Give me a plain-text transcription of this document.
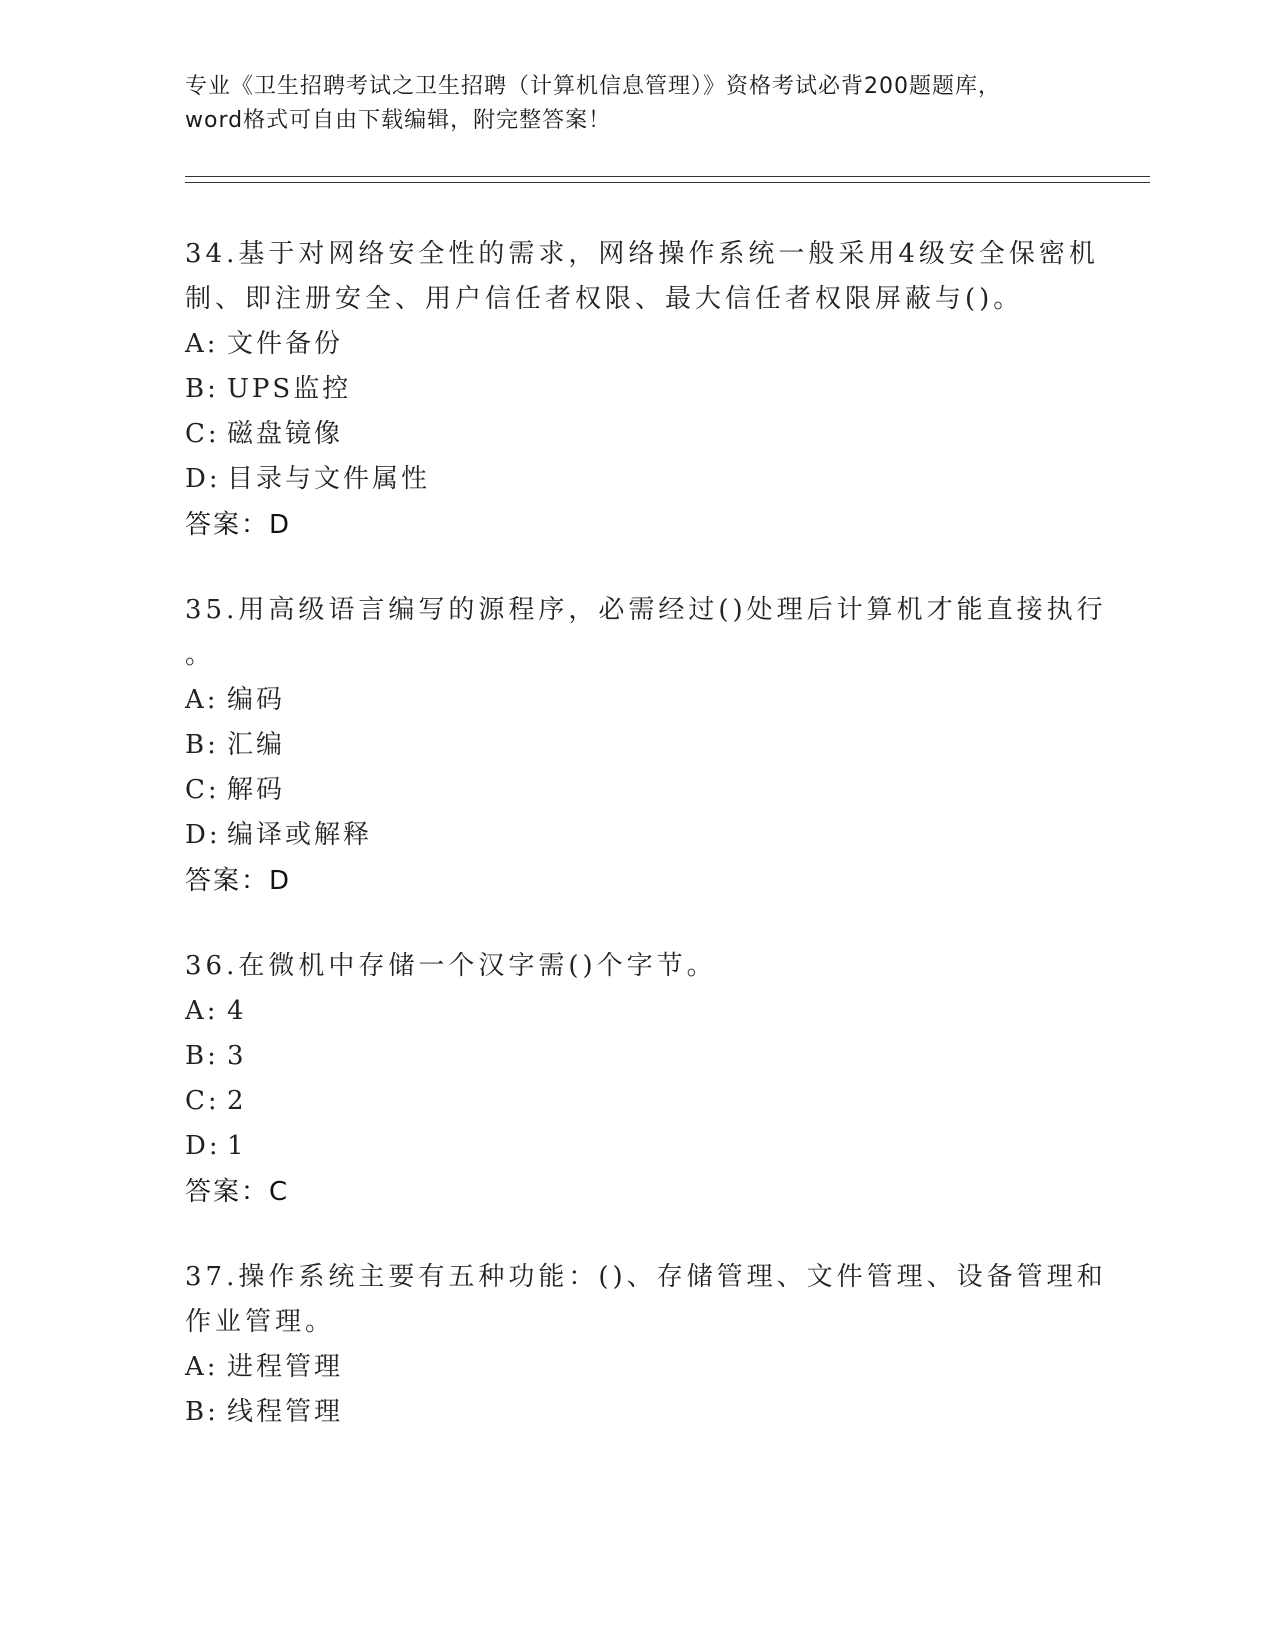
专业《卫生招聘考试之卫生招聘（计算机信息管理）》资格考试必背200题题库，
word格式可自由下载编辑，附完整答案！
34.基于对网络安全性的需求，网络操作系统一般采用4级安全保密机
制、即注册安全、用户信任者权限、最大信任者权限屏蔽与()。
A: 文件备份
B: UPS监控
C: 磁盘镜像
D: 目录与文件属性
答案：D
35.用高级语言编写的源程序，必需经过()处理后计算机才能直接执行
。
A: 编码
B: 汇编
C: 解码
D: 编译或解释
答案：D
36.在微机中存储一个汉字需()个字节。
A: 4
B: 3
C: 2
D: 1
答案：C
37.操作系统主要有五种功能：()、存储管理、文件管理、设备管理和
作业管理。
A: 进程管理
B: 线程管理
